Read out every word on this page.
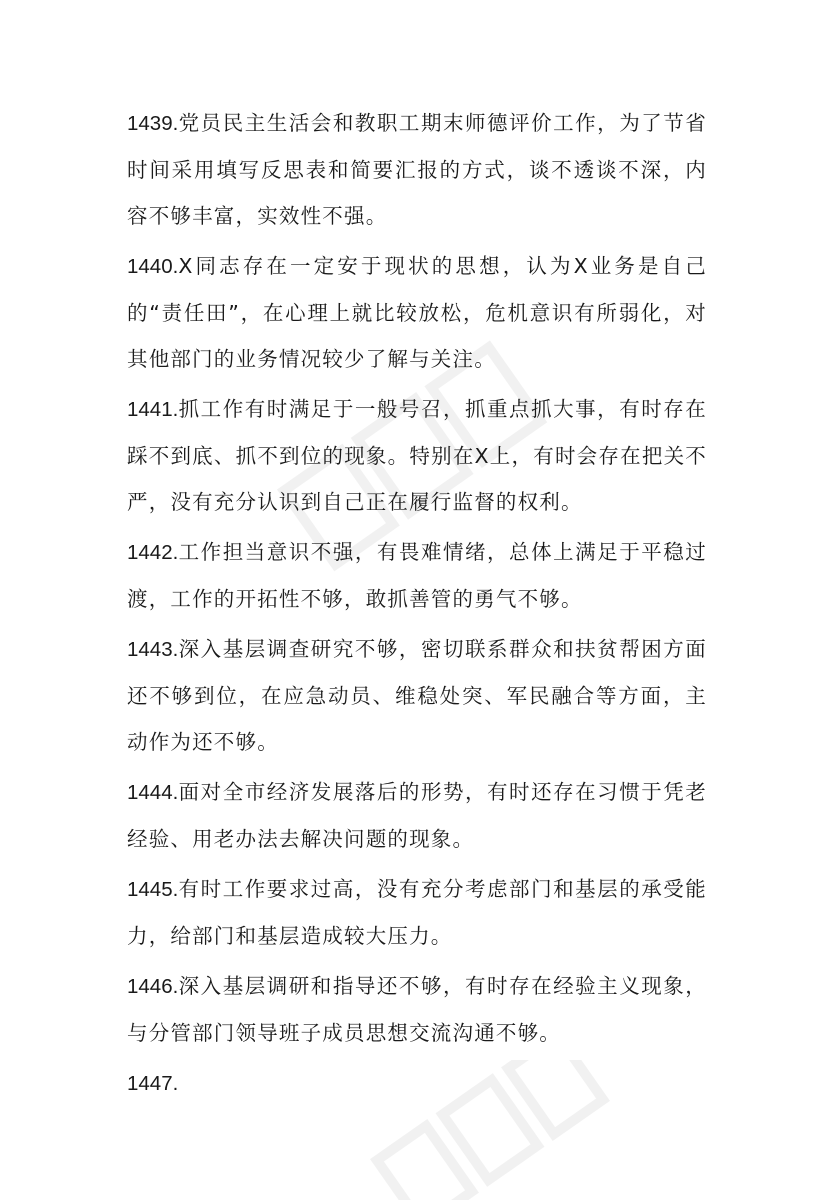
1439.党员民主生活会和教职工期末师德评价工作，为了节省时间采用填写反思表和简要汇报的方式，谈不透谈不深，内容不够丰富，实效性不强。

1440.X同志存在一定安于现状的思想，认为X业务是自己的“责任田”，在心理上就比较放松，危机意识有所弱化，对其他部门的业务情况较少了解与关注。

1441.抓工作有时满足于一般号召，抓重点抓大事，有时存在踩不到底、抓不到位的现象。特别在X上，有时会存在把关不严，没有充分认识到自己正在履行监督的权利。

1442.工作担当意识不强，有畏难情绪，总体上满足于平稳过渡，工作的开拓性不够，敢抓善管的勇气不够。

1443.深入基层调查研究不够，密切联系群众和扶贫帮困方面还不够到位，在应急动员、维稳处突、军民融合等方面，主动作为还不够。

1444.面对全市经济发展落后的形势，有时还存在习惯于凭老经验、用老办法去解决问题的现象。

1445.有时工作要求过高，没有充分考虑部门和基层的承受能力，给部门和基层造成较大压力。

1446.深入基层调研和指导还不够，有时存在经验主义现象，与分管部门领导班子成员思想交流沟通不够。

1447.
